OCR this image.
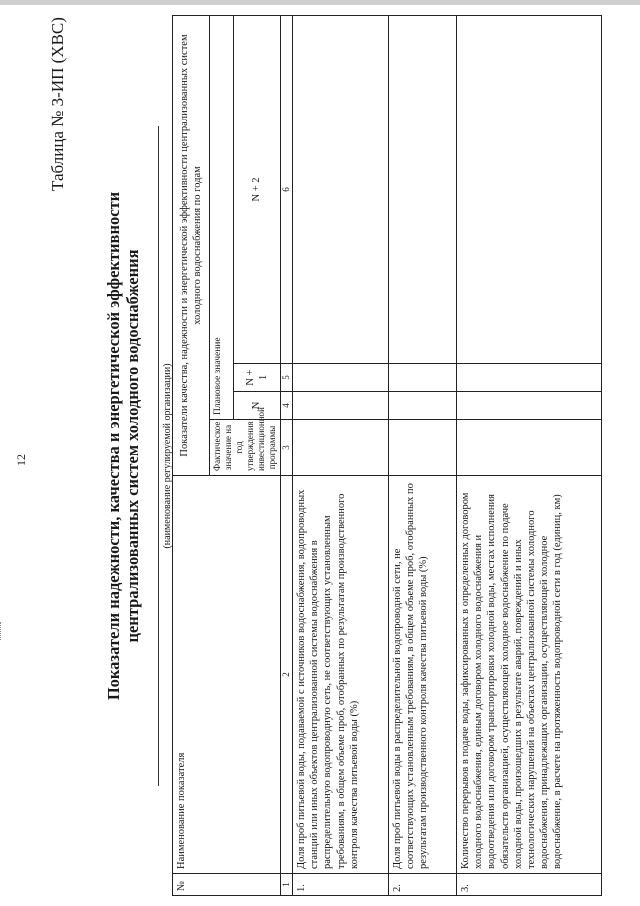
12
Таблица № 3-ИП (ХВС)
Показатели надежности, качества и энергетической эффективности централизованных систем холодного водоснабжения (наименование регулируемой организации)
№	Наименование показателя	Показатели качества, надежности и энергетической эффективности централизованных систем холодного водоснабжения по годам			
		Фактическое значение на год утверждения инвестиционной программы	Плановое значение		
			N	N + 1	N + 2
1	2	3	4	5	6
1.	Доля проб питьевой воды, подаваемой с источников водоснабжения, водопроводных станций или иных объектов централизованной системы водоснабжения в распределительную водопроводную сеть, не соответствующих установленным требованиям, в общем объеме проб, отобранных по результатам производственного контроля качества питьевой воды (%)				
2.	Доля проб питьевой воды в распределительной водопроводной сети, не соответствующих установленным требованиям, в общем объеме проб, отобранных по результатам производственного контроля качества питьевой воды (%)				
3.	Количество перерывов в подаче воды, зафиксированных в определенных договором холодного водоснабжения, единым договором холодного водоснабжения и водоотведения или договором транспортировки холодной воды, местах исполнения обязательств организацией, осуществляющей холодное водоснабжение по подаче холодной воды, произошедших в результате аварий, повреждений и иных технологических нарушений на объектах централизованной системы холодного водоснабжения, принадлежащих организации, осуществляющей холодное водоснабжение, в расчете на протяженность водопроводной сети в год (единиц, км)				
